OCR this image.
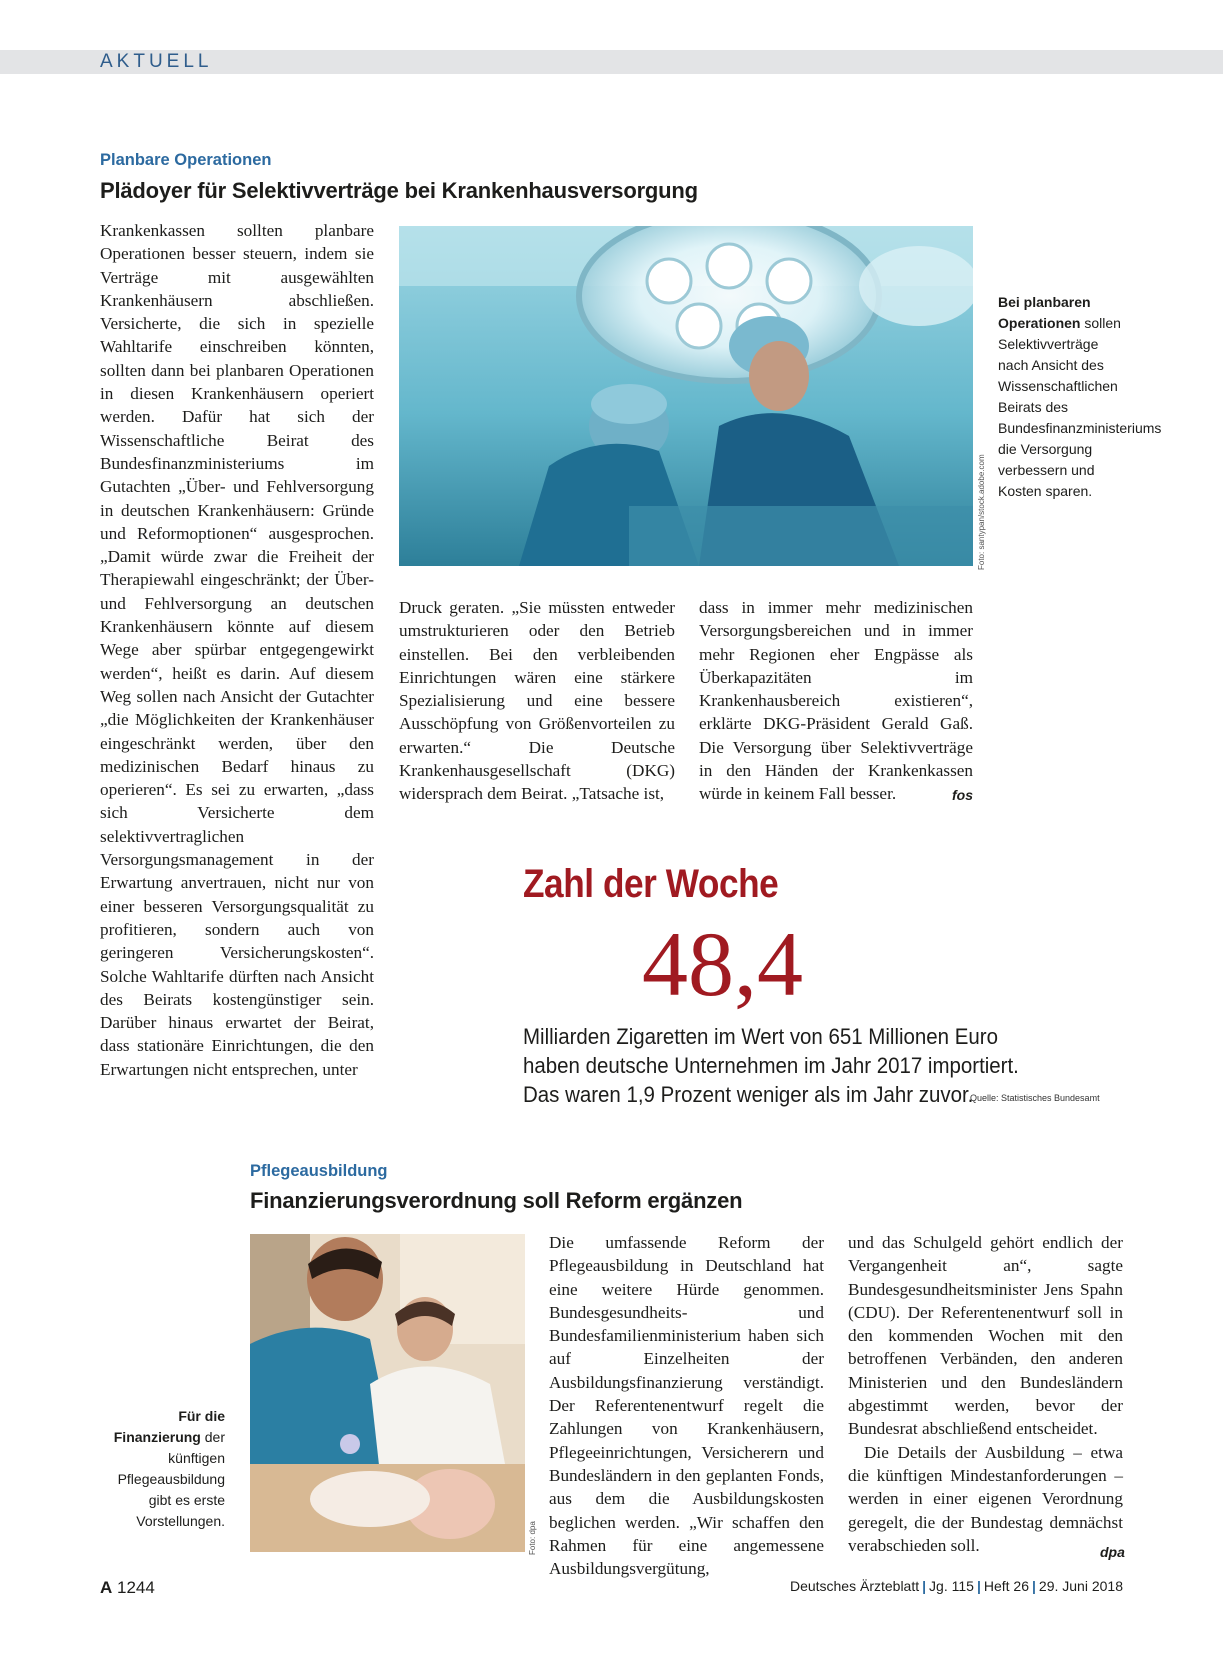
AKTUELL
Planbare Operationen
Plädoyer für Selektivverträge bei Krankenhausversorgung

Krankenkassen sollten planbare Operationen besser steuern, indem sie Verträge mit ausgewählten Krankenhäusern abschließen. Versicherte, die sich in spezielle Wahltarife einschreiben könnten, sollten dann bei planbaren Operationen in diesen Krankenhäusern operiert werden. Dafür hat sich der Wissenschaftliche Beirat des Bundesfinanzministeriums im Gutachten „Über- und Fehlversorgung in deutschen Krankenhäusern: Gründe und Reformoptionen“ ausgesprochen. „Damit würde zwar die Freiheit der Therapiewahl eingeschränkt; der Über- und Fehlversorgung an deutschen Krankenhäusern könnte auf diesem Wege aber spürbar entgegengewirkt werden“, heißt es darin. Auf diesem Weg sollen nach Ansicht der Gutachter „die Möglichkeiten der Krankenhäuser eingeschränkt werden, über den medizinischen Bedarf hinaus zu operieren“. Es sei zu erwarten, „dass sich Versicherte dem selektivvertraglichen Versorgungsmanagement in der Erwartung anvertrauen, nicht nur von einer besseren Versorgungsqualität zu profitieren, sondern auch von geringeren Versicherungskosten“. Solche Wahltarife dürften nach Ansicht des Beirats kostengünstiger sein. Darüber hinaus erwartet der Beirat, dass stationäre Einrichtungen, die den Erwartungen nicht entsprechen, unter

Foto: santypan/stock.adobe.com
Bei planbaren Operationen sollen Selektivverträge nach Ansicht des Wissenschaftlichen Beirats des Bundesfinanzministeriums die Versorgung verbessern und Kosten sparen.

Druck geraten. „Sie müssten entweder umstrukturieren oder den Betrieb einstellen. Bei den verbleibenden Einrichtungen wären eine stärkere Spezialisierung und eine bessere Ausschöpfung von Größenvorteilen zu erwarten.“ Die Deutsche Krankenhausgesellschaft (DKG) widersprach dem Beirat. „Tatsache ist,

dass in immer mehr medizinischen Versorgungsbereichen und in immer mehr Regionen eher Engpässe als Überkapazitäten im Krankenhausbereich existieren“, erklärte DKG-Präsident Gerald Gaß. Die Versorgung über Selektivverträge in den Händen der Krankenkassen würde in keinem Fall besser.	fos
Zahl der Woche
48,4
Milliarden Zigaretten im Wert von 651 Millionen Euro haben deutsche Unternehmen im Jahr 2017 importiert. Das waren 1,9 Prozent weniger als im Jahr zuvor.
Quelle: Statistisches Bundesamt
Pflegeausbildung
Finanzierungsverordnung soll Reform ergänzen
Für die Finanzierung der künftigen Pflegeausbildung gibt es erste Vorstellungen.
Foto: dpa

Die umfassende Reform der Pflegeausbildung in Deutschland hat eine weitere Hürde genommen. Bundesgesundheits- und Bundesfamilienministerium haben sich auf Einzelheiten der Ausbildungsfinanzierung verständigt. Der Referentenentwurf regelt die Zahlungen von Krankenhäusern, Pflegeeinrichtungen, Versicherern und Bundesländern in den geplanten Fonds, aus dem die Ausbildungskosten beglichen werden. „Wir schaffen den Rahmen für eine angemessene Ausbildungsvergütung,

und das Schulgeld gehört endlich der Vergangenheit an“, sagte Bundesgesundheitsminister Jens Spahn (CDU). Der Referentenentwurf soll in den kommenden Wochen mit den betroffenen Verbänden, den anderen Ministerien und den Bundesländern abgestimmt werden, bevor der Bundesrat abschließend entscheidet.

Die Details der Ausbildung – etwa die künftigen Mindestanforderungen – werden in einer eigenen Verordnung geregelt, die der Bundestag demnächst verabschieden soll.	dpa
A 1244	Deutsches Ärzteblatt | Jg. 115 | Heft 26 | 29. Juni 2018
